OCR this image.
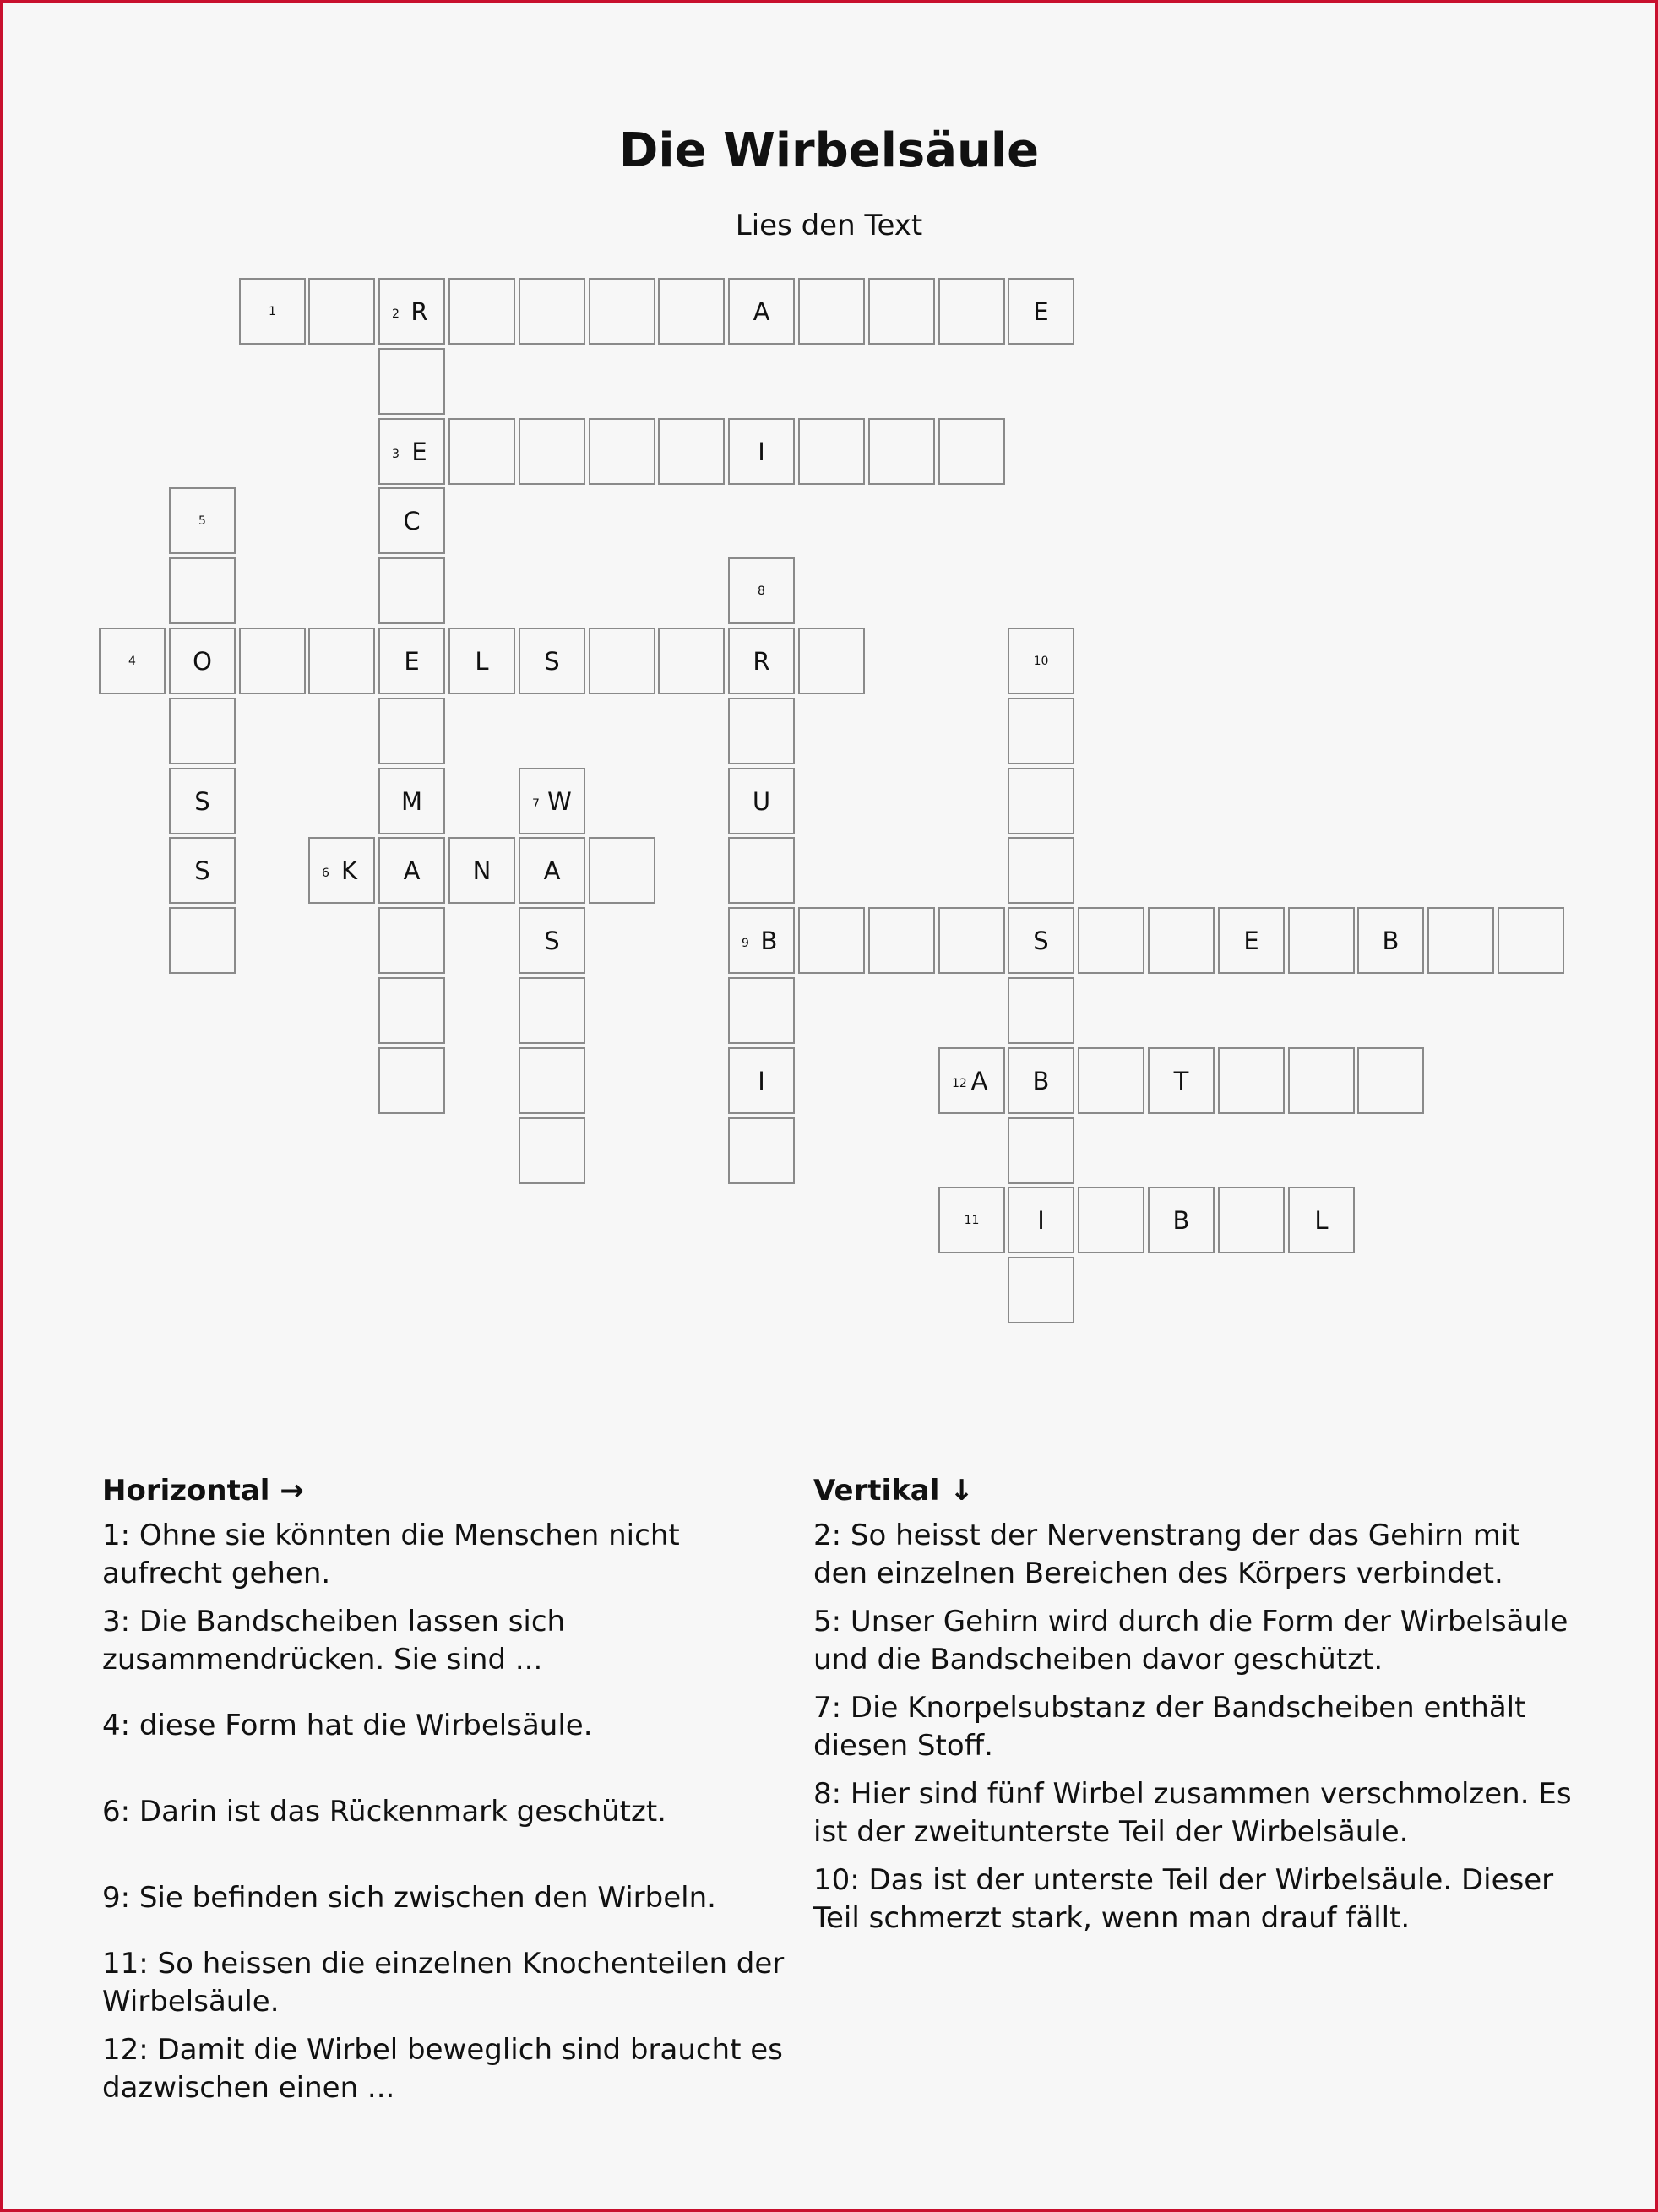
Die Wirbelsäule
Lies den Text
1	2 R	A	E
3 E	I
5	C
8
4	O	E	L	S	R	10
S	M	7 W	U
S	6 K	A	N	A
S	9 B	S	E	B
I	12 A	B	T
11	I	B	L
Horizontal →
1: Ohne sie könnten die Menschen nicht aufrecht gehen.
3: Die Bandscheiben lassen sich zusammendrücken. Sie sind ...
4: diese Form hat die Wirbelsäule.
6: Darin ist das Rückenmark geschützt.
9: Sie befinden sich zwischen den Wirbeln.
11: So heissen die einzelnen Knochenteilen der Wirbelsäule.
12: Damit die Wirbel beweglich sind braucht es dazwischen einen ...
Vertikal ↓
2: So heisst der Nervenstrang der das Gehirn mit den einzelnen Bereichen des Körpers verbindet.
5: Unser Gehirn wird durch die Form der Wirbelsäule und die Bandscheiben davor geschützt.
7: Die Knorpelsubstanz der Bandscheiben enthält diesen Stoff.
8: Hier sind fünf Wirbel zusammen verschmolzen. Es ist der zweitunterste Teil der Wirbelsäule.
10: Das ist der unterste Teil der Wirbelsäule. Dieser Teil schmerzt stark, wenn man drauf fällt.
